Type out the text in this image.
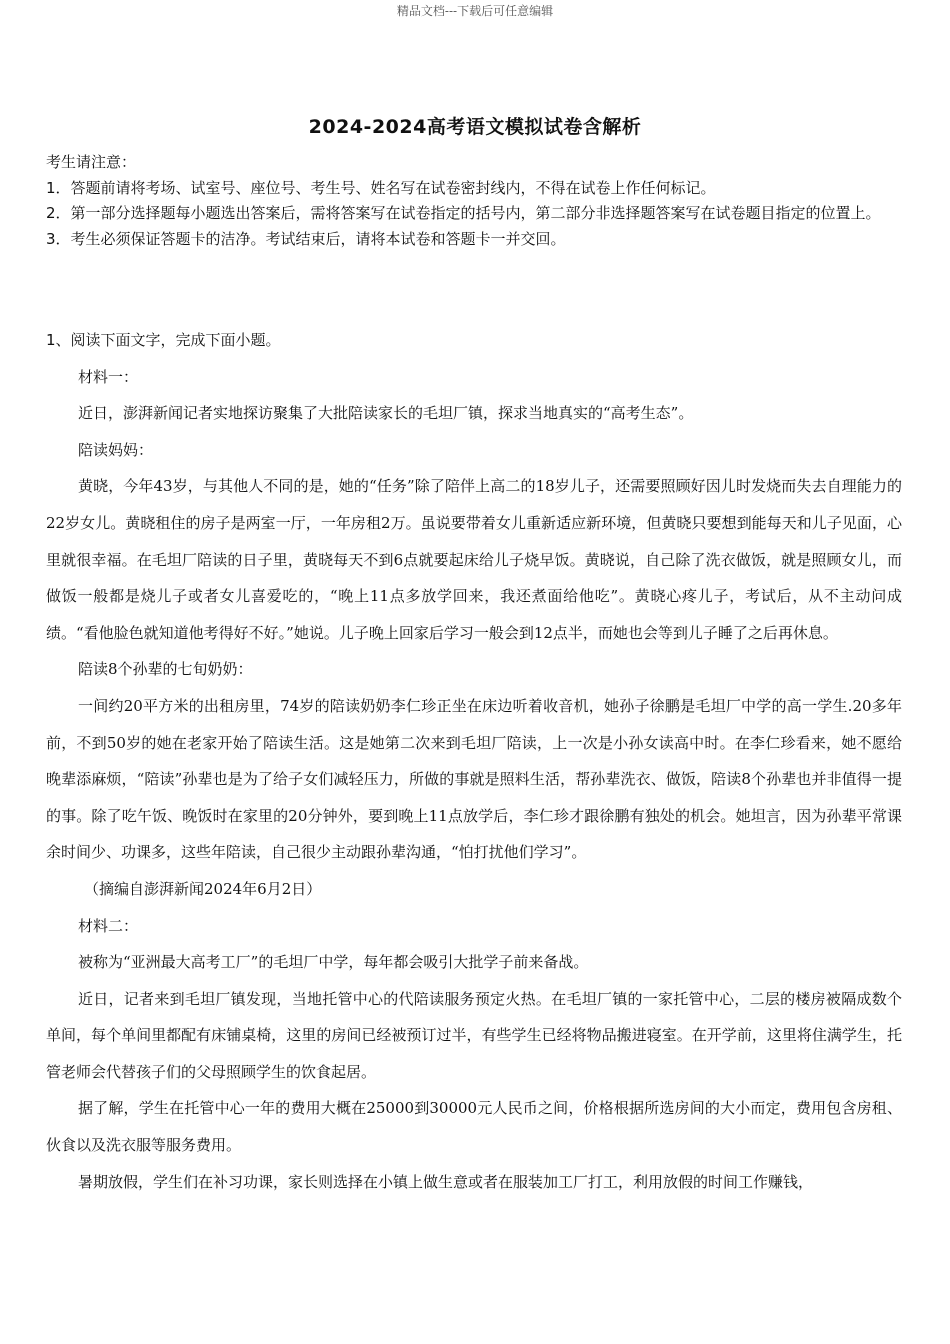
精品文档---下载后可任意编辑
2024-2024高考语文模拟试卷含解析

考生请注意：

1．答题前请将考场、试室号、座位号、考生号、姓名写在试卷密封线内，不得在试卷上作任何标记。

2．第一部分选择题每小题选出答案后，需将答案写在试卷指定的括号内，第二部分非选择题答案写在试卷题目指定的位置上。

3．考生必须保证答题卡的洁净。考试结束后，请将本试卷和答题卡一并交回。

1、阅读下面文字，完成下面小题。

材料一：

近日，澎湃新闻记者实地探访聚集了大批陪读家长的毛坦厂镇，探求当地真实的“高考生态”。

陪读妈妈：

黄晓，今年43岁，与其他人不同的是，她的“任务”除了陪伴上高二的18岁儿子，还需要照顾好因儿时发烧而失去自理能力的22岁女儿。黄晓租住的房子是两室一厅，一年房租2万。虽说要带着女儿重新适应新环境，但黄晓只要想到能每天和儿子见面，心里就很幸福。在毛坦厂陪读的日子里，黄晓每天不到6点就要起床给儿子烧早饭。黄晓说，自己除了洗衣做饭，就是照顾女儿，而做饭一般都是烧儿子或者女儿喜爱吃的，“晚上11点多放学回来，我还煮面给他吃”。黄晓心疼儿子，考试后，从不主动问成绩。“看他脸色就知道他考得好不好。”她说。儿子晚上回家后学习一般会到12点半，而她也会等到儿子睡了之后再休息。

陪读8个孙辈的七旬奶奶：

一间约20平方米的出租房里，74岁的陪读奶奶李仁珍正坐在床边听着收音机，她孙子徐鹏是毛坦厂中学的高一学生.20多年前，不到50岁的她在老家开始了陪读生活。这是她第二次来到毛坦厂陪读，上一次是小孙女读高中时。在李仁珍看来，她不愿给晚辈添麻烦，“陪读”孙辈也是为了给子女们减轻压力，所做的事就是照料生活，帮孙辈洗衣、做饭，陪读8个孙辈也并非值得一提的事。除了吃午饭、晚饭时在家里的20分钟外，要到晚上11点放学后，李仁珍才跟徐鹏有独处的机会。她坦言，因为孙辈平常课余时间少、功课多，这些年陪读，自己很少主动跟孙辈沟通，“怕打扰他们学习”。

（摘编自澎湃新闻2024年6月2日）

材料二：

被称为“亚洲最大高考工厂”的毛坦厂中学，每年都会吸引大批学子前来备战。

近日，记者来到毛坦厂镇发现，当地托管中心的代陪读服务预定火热。在毛坦厂镇的一家托管中心，二层的楼房被隔成数个单间，每个单间里都配有床铺桌椅，这里的房间已经被预订过半，有些学生已经将物品搬进寝室。在开学前，这里将住满学生，托管老师会代替孩子们的父母照顾学生的饮食起居。

据了解，学生在托管中心一年的费用大概在25000到30000元人民币之间，价格根据所选房间的大小而定，费用包含房租、伙食以及洗衣服等服务费用。

暑期放假，学生们在补习功课，家长则选择在小镇上做生意或者在服装加工厂打工，利用放假的时间工作赚钱，
